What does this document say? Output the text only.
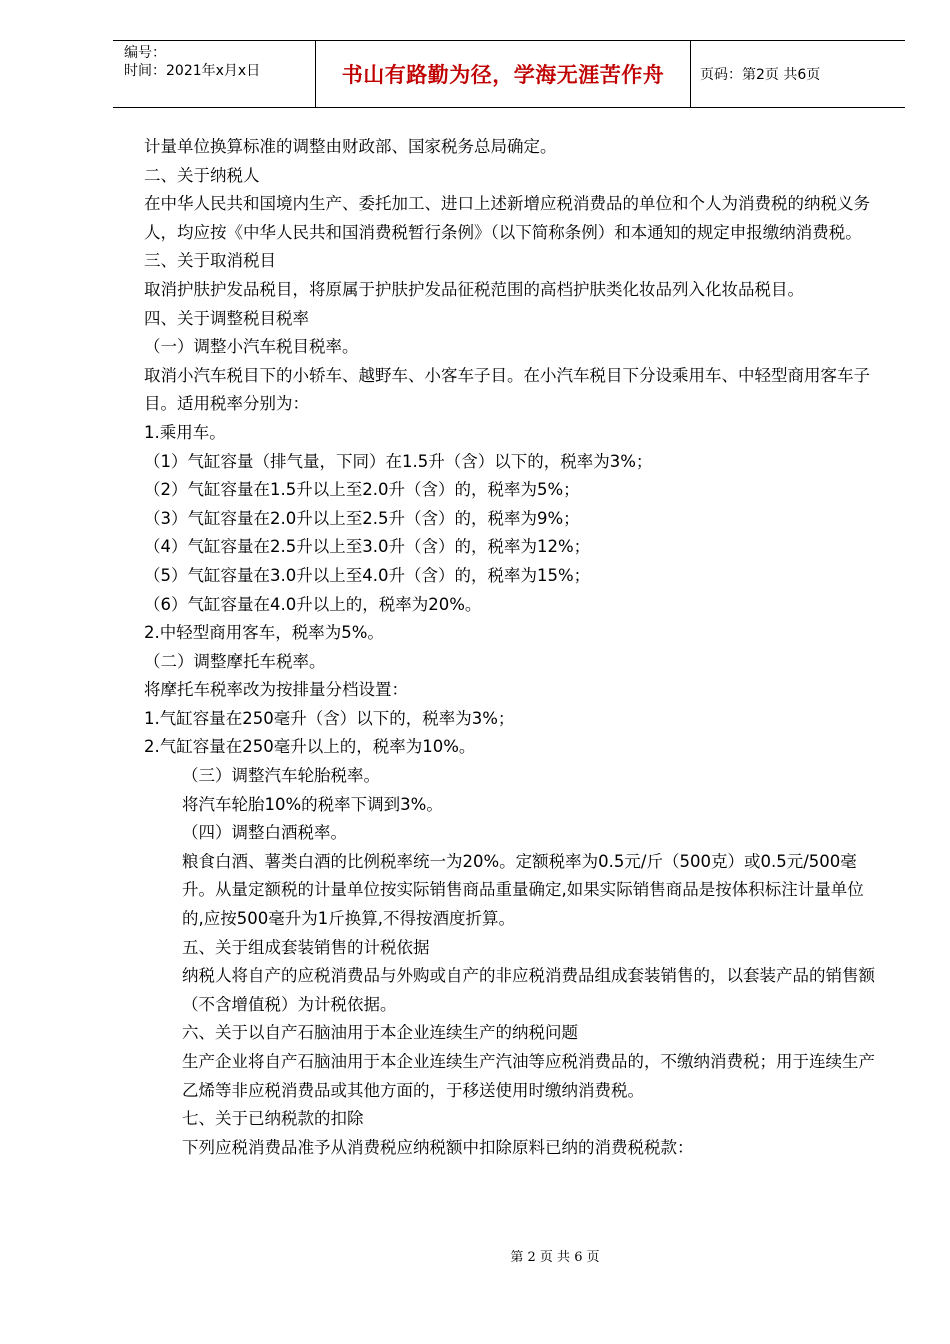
编号：
时间：2021年x月x日	书山有路勤为径，学海无涯苦作舟	页码：第2页 共6页

计量单位换算标准的调整由财政部、国家税务总局确定。

二、关于纳税人

在中华人民共和国境内生产、委托加工、进口上述新增应税消费品的单位和个人为消费税的纳税义务人，均应按《中华人民共和国消费税暂行条例》（以下简称条例）和本通知的规定申报缴纳消费税。

三、关于取消税目

取消护肤护发品税目，将原属于护肤护发品征税范围的高档护肤类化妆品列入化妆品税目。

四、关于调整税目税率

（一）调整小汽车税目税率。

取消小汽车税目下的小轿车、越野车、小客车子目。在小汽车税目下分设乘用车、中轻型商用客车子目。适用税率分别为：

1.乘用车。

（1）气缸容量（排气量，下同）在1.5升（含）以下的，税率为3%；

（2）气缸容量在1.5升以上至2.0升（含）的，税率为5%；

（3）气缸容量在2.0升以上至2.5升（含）的，税率为9%；

（4）气缸容量在2.5升以上至3.0升（含）的，税率为12%；

（5）气缸容量在3.0升以上至4.0升（含）的，税率为15%；

（6）气缸容量在4.0升以上的，税率为20%。

2.中轻型商用客车，税率为5%。

（二）调整摩托车税率。

将摩托车税率改为按排量分档设置：

1.气缸容量在250毫升（含）以下的，税率为3%；

2.气缸容量在250毫升以上的，税率为10%。

（三）调整汽车轮胎税率。

将汽车轮胎10%的税率下调到3%。

（四）调整白酒税率。

粮食白酒、薯类白酒的比例税率统一为20%。定额税率为0.5元/斤（500克）或0.5元/500毫升。从量定额税的计量单位按实际销售商品重量确定,如果实际销售商品是按体积标注计量单位的,应按500毫升为1斤换算,不得按酒度折算。

五、关于组成套装销售的计税依据

纳税人将自产的应税消费品与外购或自产的非应税消费品组成套装销售的，以套装产品的销售额（不含增值税）为计税依据。

六、关于以自产石脑油用于本企业连续生产的纳税问题

生产企业将自产石脑油用于本企业连续生产汽油等应税消费品的，不缴纳消费税；用于连续生产乙烯等非应税消费品或其他方面的，于移送使用时缴纳消费税。

七、关于已纳税款的扣除

下列应税消费品准予从消费税应纳税额中扣除原料已纳的消费税税款：

第 2 页 共 6 页
